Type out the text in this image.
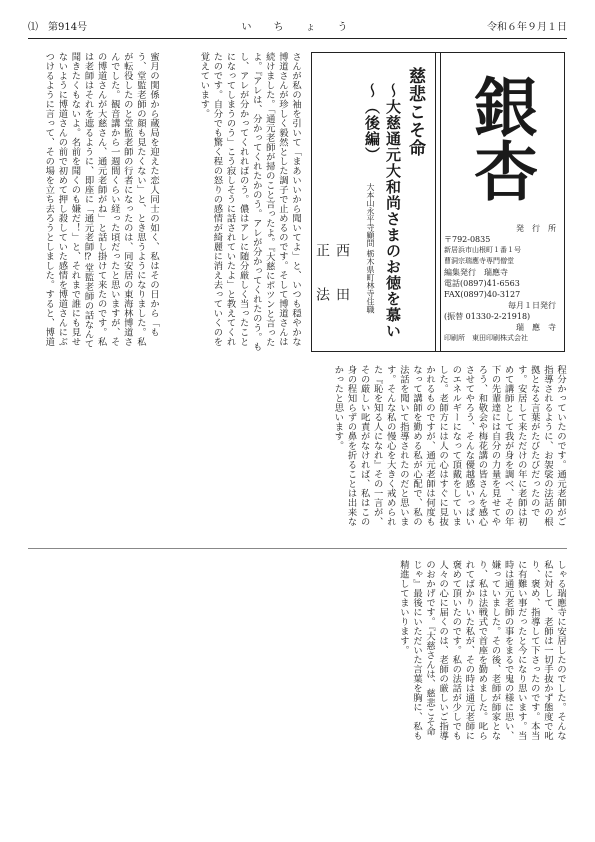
⑴　第914号	い　ち　ょ　う	令和６年９月１日
銀杏
発　行　所
〒792-0835
新居浜市山根町１番１号
曹洞宗瑞應寺専門僧堂
編集発行　瑞應寺
電話(0897)41-6563
FAX(0897)40-3127
毎月１日発行
(振替 01330-2-21918)
瑞　應　寺
印刷所　東田印刷株式会社
慈悲こそ命
～大慈通元大和尚さまのお徳を慕い～（後編）
大本山永平寺顧問 栃木県町林寺住職
西　田　正　法
さんが私の袖を引いて「まあいいから聞いてよ」と、いつも穏やかな博道さんが珍しく毅然とした調子で止めるのです。そして博道さんは続けました。「通元老師が掃のこと言ったよ。『大慈にポツンと言ったよ。『アレは、分かってくれたかのう。アレが分かってくれたのう。もし、アレが分かってくれればのう。儂はアレに随分厳しく当ったことになってしまうのう」こう寂しそうに話されていたよ」と教えてくれたのです。自分でも驚く程の怒りの感情が綺麗に消え去っていくのを覚えています。
蜜月の関係から蔵局を迎えた恋人同士の如く、私はその日から「もう、堂監老師の顔も見たくない」と、とき思うようになりました。私が転役したのと堂監老師の行者になったのは、同安居の東海林博道さんでした。観音講から一週間くらい経った頃だったと思いますが、その博道さんが大慈さん、通元老師がね」と話し掛けて来たのです。私は老師はそれを遮るように、即座に「通元老師⁉堂監老師の話なんて聞きたくもないよ。名前を聞くのも嫌だ！」と、それまで誰にも見せないように博道さんの前で初めて押し殺していた感情を博道さんにぶつけるように言って、その場を立ち去ろうとしました。すると、博道
程分かっていたのです。通元老師がご指導されるように、お袈裟の法話の根拠となる言葉がたびたびだったのです。安居して来ただけの年に老師は初めて講師として我が身を調べ、その年下の先輩達には自分の力量を見せてやろう、和敬会や梅花講の皆さんを感心させてやろう、そんな優越感いっぱいのエネルギーになって頂戴をしていました。老師方には人の心はすぐに見抜かれるものですが、通元老師は何度もなって講師を勤める私が心配で、私の法話を聞いて指導されたのだと思います。そんな私の慢心を大きく戒められた『恥を知る人になれ』その一言が、その厳しい叱責がなければ、私はこの身の程知らずの鼻を折ることは出来なかったと思います。
しゃる瑞應寺に安居したのでした。そんな私に対して、老師は一切手抜かず態度で叱り、褒め、指導して下さったのです。本当に有難い事だったと今になり思います。当時は通元老師の事をまるで鬼の様に思い、嫌っていました。その後、老師が師家となり、私は法戦式で首座を勤めました。叱られてばかりいた私が、その時は通元老師に褒めて頂いたのです。私の法話が少しでも人々の心に届くのは、老師の厳しいご指導のおかげです。『大慈さんは、慈悲こそ命じゃ』最後にいただいた言葉を胸に、私も精進してまいります。
